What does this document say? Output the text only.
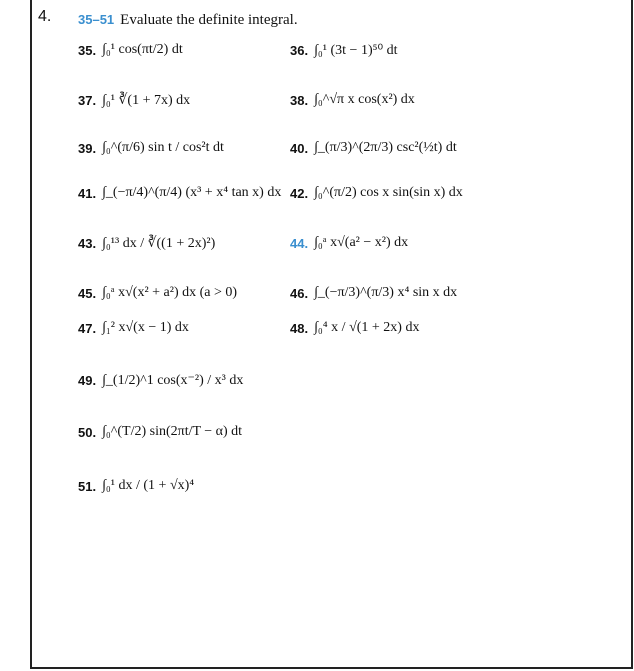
4. 35–51 Evaluate the definite integral.
35. ∫₀¹ cos(πt/2) dt
37. ∫₀¹ ∛(1 + 7x) dx
39. ∫₀^(π/6) sin t / cos²t dt
41. ∫_(−π/4)^(π/4) (x³ + x⁴ tan x) dx
43. ∫₀¹³ dx / ∛((1 + 2x)²)
45. ∫₀ᵃ x√(x² + a²) dx (a > 0)
47. ∫₁² x√(x − 1) dx
49. ∫_(1/2)^1 cos(x⁻²) / x³ dx
50. ∫₀^(T/2) sin(2πt/T − α) dt
51. ∫₀¹ dx / (1 + √x)⁴
36. ∫₀¹ (3t − 1)⁵⁰ dt
38. ∫₀^√π x cos(x²) dx
40. ∫_(π/3)^(2π/3) csc²(½t) dt
42. ∫₀^(π/2) cos x sin(sin x) dx
44. ∫₀ᵃ x√(a² − x²) dx
46. ∫_(−π/3)^(π/3) x⁴ sin x dx
48. ∫₀⁴ x / √(1 + 2x) dx
